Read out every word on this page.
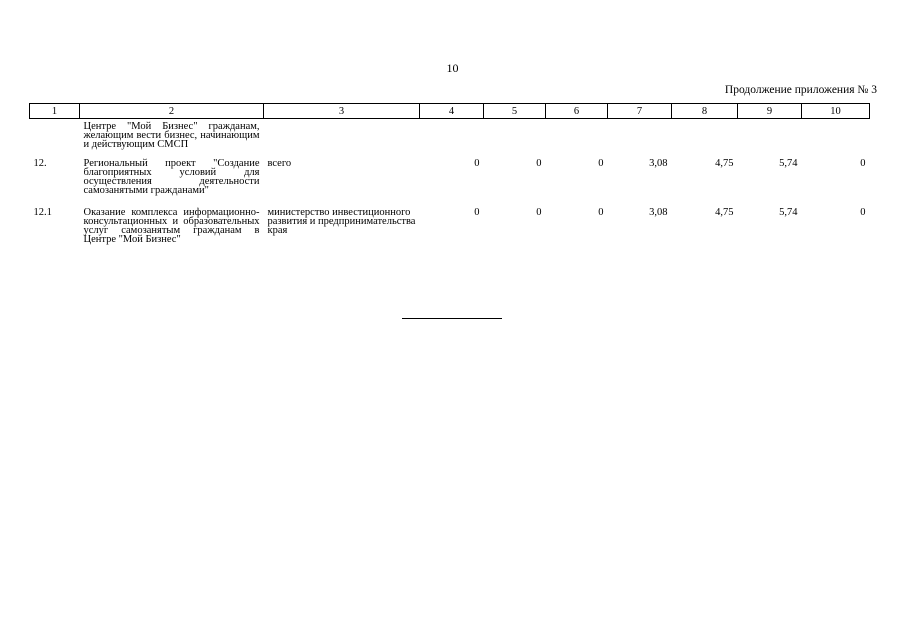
10
Продолжение приложения № 3
1	2	3	4	5	6	7	8	9	10
	Центре "Мой Бизнес" гражданам, желающим вести бизнес, начинающим и действующим СМСП								
12.	Региональный проект "Создание благоприятных условий для осуществления деятельности самозанятыми гражданами"	всего	0	0	0	3,08	4,75	5,74	0
12.1	Оказание комплекса информационно-консультационных и образовательных услуг самозанятым гражданам в Центре "Мой Бизнес"	министерство инвестиционного развития и предпринимательства края	0	0	0	3,08	4,75	5,74	0
